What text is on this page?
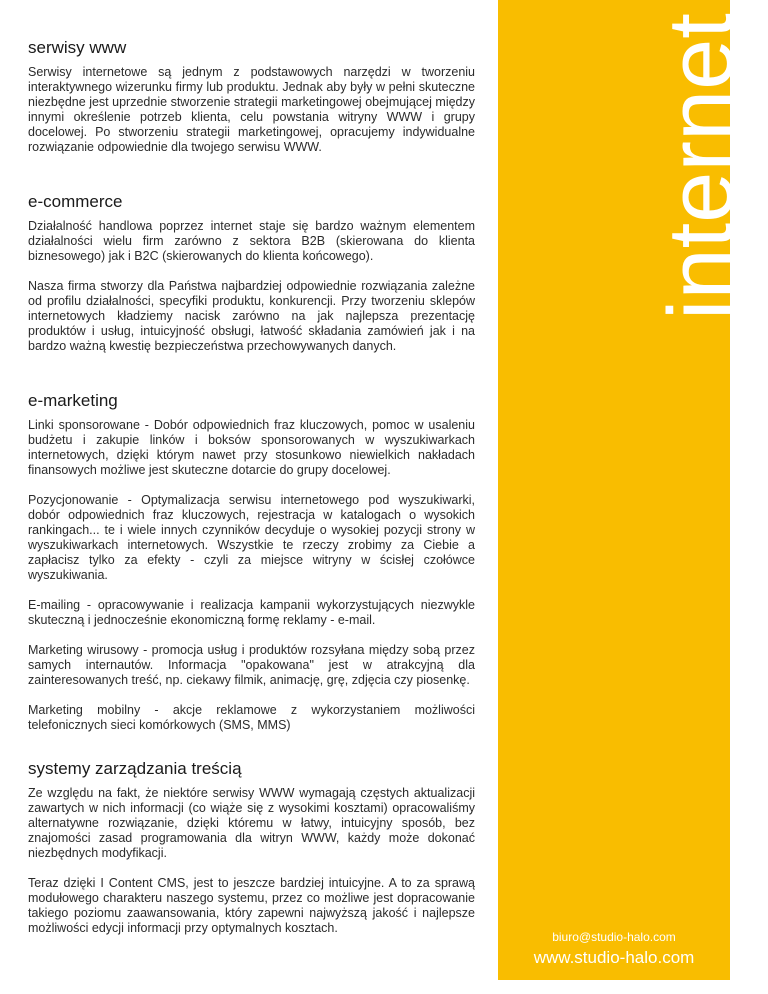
internet
biuro@studio-halo.com
www.studio-halo.com
serwisy www

Serwisy internetowe są jednym z podstawowych narzędzi w tworzeniu interaktywnego wizerunku firmy lub produktu. Jednak aby były w pełni skuteczne niezbędne jest uprzednie stworzenie strategii marketingowej obejmującej między innymi określenie potrzeb klienta, celu powstania witryny WWW i grupy docelowej. Po stworzeniu strategii marketingowej, opracujemy indywidualne rozwiązanie odpowiednie dla twojego serwisu WWW.

e-commerce

Działalność handlowa poprzez internet staje się bardzo ważnym elementem działalności wielu firm zarówno z sektora B2B (skierowana do klienta biznesowego) jak i B2C (skierowanych do klienta końcowego).

Nasza firma stworzy dla Państwa najbardziej odpowiednie rozwiązania zależne od profilu działalności, specyfiki produktu, konkurencji. Przy tworzeniu sklepów internetowych kładziemy nacisk zarówno na jak najlepsza prezentację produktów i usług, intuicyjność obsługi, łatwość składania zamówień jak i na bardzo ważną kwestię bezpieczeństwa przechowywanych danych.

e-marketing

Linki sponsorowane - Dobór odpowiednich fraz kluczowych, pomoc w usaleniu budżetu i zakupie linków i boksów sponsorowanych w wyszukiwarkach internetowych, dzięki którym nawet przy stosunkowo niewielkich nakładach finansowych możliwe jest skuteczne dotarcie do grupy docelowej.

Pozycjonowanie - Optymalizacja serwisu internetowego pod wyszukiwarki, dobór odpowiednich fraz kluczowych, rejestracja w katalogach o wysokich rankingach... te i wiele innych czynników decyduje o wysokiej pozycji strony w wyszukiwarkach internetowych. Wszystkie te rzeczy zrobimy za Ciebie a zapłacisz tylko za efekty - czyli za miejsce witryny w ścisłej czołówce wyszukiwania.

E-mailing - opracowywanie i realizacja kampanii wykorzystujących niezwykle skuteczną i jednocześnie ekonomiczną formę reklamy - e-mail.

Marketing wirusowy - promocja usług i produktów rozsyłana między sobą przez samych internautów. Informacja "opakowana" jest w atrakcyjną dla zainteresowanych treść, np. ciekawy filmik, animację, grę, zdjęcia czy piosenkę.

Marketing mobilny - akcje reklamowe z wykorzystaniem możliwości telefonicznych sieci komórkowych (SMS, MMS)

systemy zarządzania treścią

Ze względu na fakt, że niektóre serwisy WWW wymagają częstych aktualizacji zawartych w nich informacji (co wiąże się z wysokimi kosztami) opracowaliśmy alternatywne rozwiązanie, dzięki któremu w łatwy, intuicyjny sposób, bez znajomości zasad programowania dla witryn WWW, każdy może dokonać niezbędnych modyfikacji.

Teraz dzięki I Content CMS, jest to jeszcze bardziej intuicyjne. A to za sprawą modułowego charakteru naszego systemu, przez co możliwe jest dopracowanie takiego poziomu zaawansowania, który zapewni najwyższą jakość i najlepsze możliwości edycji informacji przy optymalnych kosztach.
